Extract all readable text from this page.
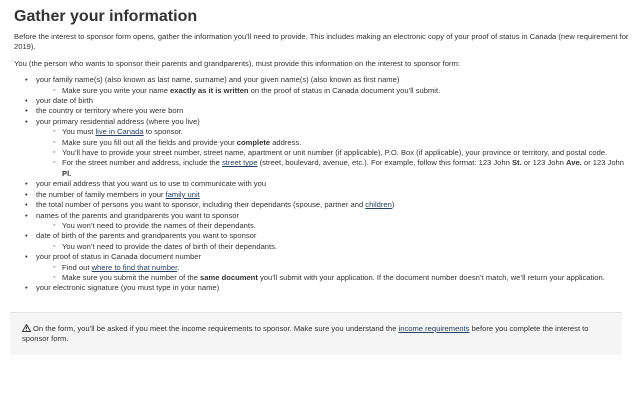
Gather your information

Before the interest to sponsor form opens, gather the information you’ll need to provide. This includes making an electronic copy of your proof of status in Canada (new requirement for 2019).

You (the person who wants to sponsor their parents and grandparents), must provide this information on the interest to sponsor form:

• your family name(s) (also known as last name, surname) and your given name(s) (also known as first name)
◦ Make sure you write your name exactly as it is written on the proof of status in Canada document you’ll submit.
• your date of birth
• the country or territory where you were born
• your primary residential address (where you live)
◦ You must live in Canada to sponsor.
◦ Make sure you fill out all the fields and provide your complete address.
◦ You’ll have to provide your street number, street name, apartment or unit number (if applicable), P.O. Box (if applicable), your province or territory, and postal code.
◦ For the street number and address, include the street type (street, boulevard, avenue, etc.). For example, follow this format: 123 John St. or 123 John Ave. or 123 John Pl.
• your email address that you want us to use to communicate with you
• the number of family members in your family unit
• the total number of persons you want to sponsor, including their dependants (spouse, partner and children)
• names of the parents and grandparents you want to sponsor
◦ You won’t need to provide the names of their dependants.
• date of birth of the parents and grandparents you want to sponsor
◦ You won’t need to provide the dates of birth of their dependants.
• your proof of status in Canada document number
◦ Find out where to find that number.
◦ Make sure you submit the number of the same document you’ll submit with your application. If the document number doesn’t match, we’ll return your application.
• your electronic signature (you must type in your name)
On the form, you’ll be asked if you meet the income requirements to sponsor. Make sure you understand the income requirements before you complete the interest to sponsor form.
